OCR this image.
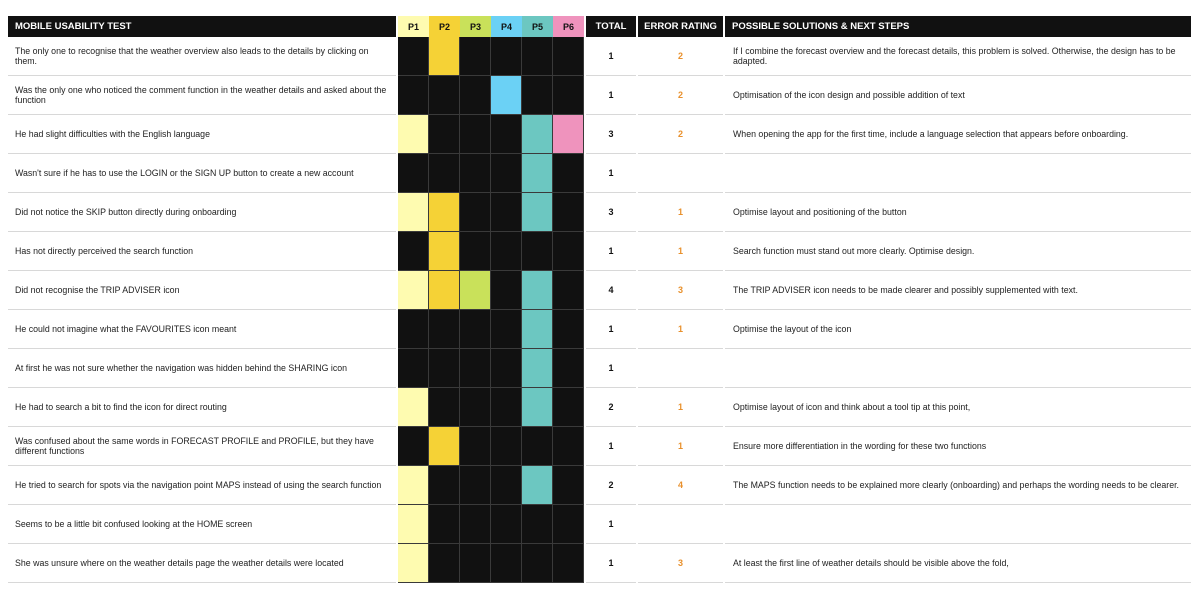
MOBILE USABILITY TEST	P1	P2	P3	P4	P5	P6	TOTAL	ERROR RATING	POSSIBLE SOLUTIONS & NEXT STEPS
The only one to recognise that the weather overview also leads to the details by clicking on them.	1	2	If I combine the forecast overview and the forecast details, this problem is solved. Otherwise, the design has to be adapted.
Was the only one who noticed the comment function in the weather details and asked about the function	1	2	Optimisation of the icon design and possible addition of text
He had slight difficulties with the English language	3	2	When opening the app for the first time, include a language selection that appears before onboarding.
Wasn't sure if he has to use the LOGIN or the SIGN UP button to create a new account	1
Did not notice the SKIP button directly during onboarding	3	1	Optimise layout and positioning of the button
Has not directly perceived the search function	1	1	Search function must stand out more clearly. Optimise design.
Did not recognise the TRIP ADVISER icon	4	3	The TRIP ADVISER icon needs to be made clearer and possibly supplemented with text.
He could not imagine what the FAVOURITES icon meant	1	1	Optimise the layout of the icon
At first he was not sure whether the navigation was hidden behind the SHARING icon	1
He had to search a bit to find the icon for direct routing	2	1	Optimise layout of icon and think about a tool tip at this point,
Was confused about the same words in FORECAST PROFILE and PROFILE, but they have different functions	1	1	Ensure more differentiation in the wording for these two functions
He tried to search for spots via the navigation point MAPS instead of using the search function	2	4	The MAPS function needs to be explained more clearly (onboarding) and perhaps the wording needs to be clearer.
Seems to be a little bit confused looking at the HOME screen	1
She was unsure where on the weather details page the weather details were located	1	3	At least the first line of weather details should be visible above the fold,
